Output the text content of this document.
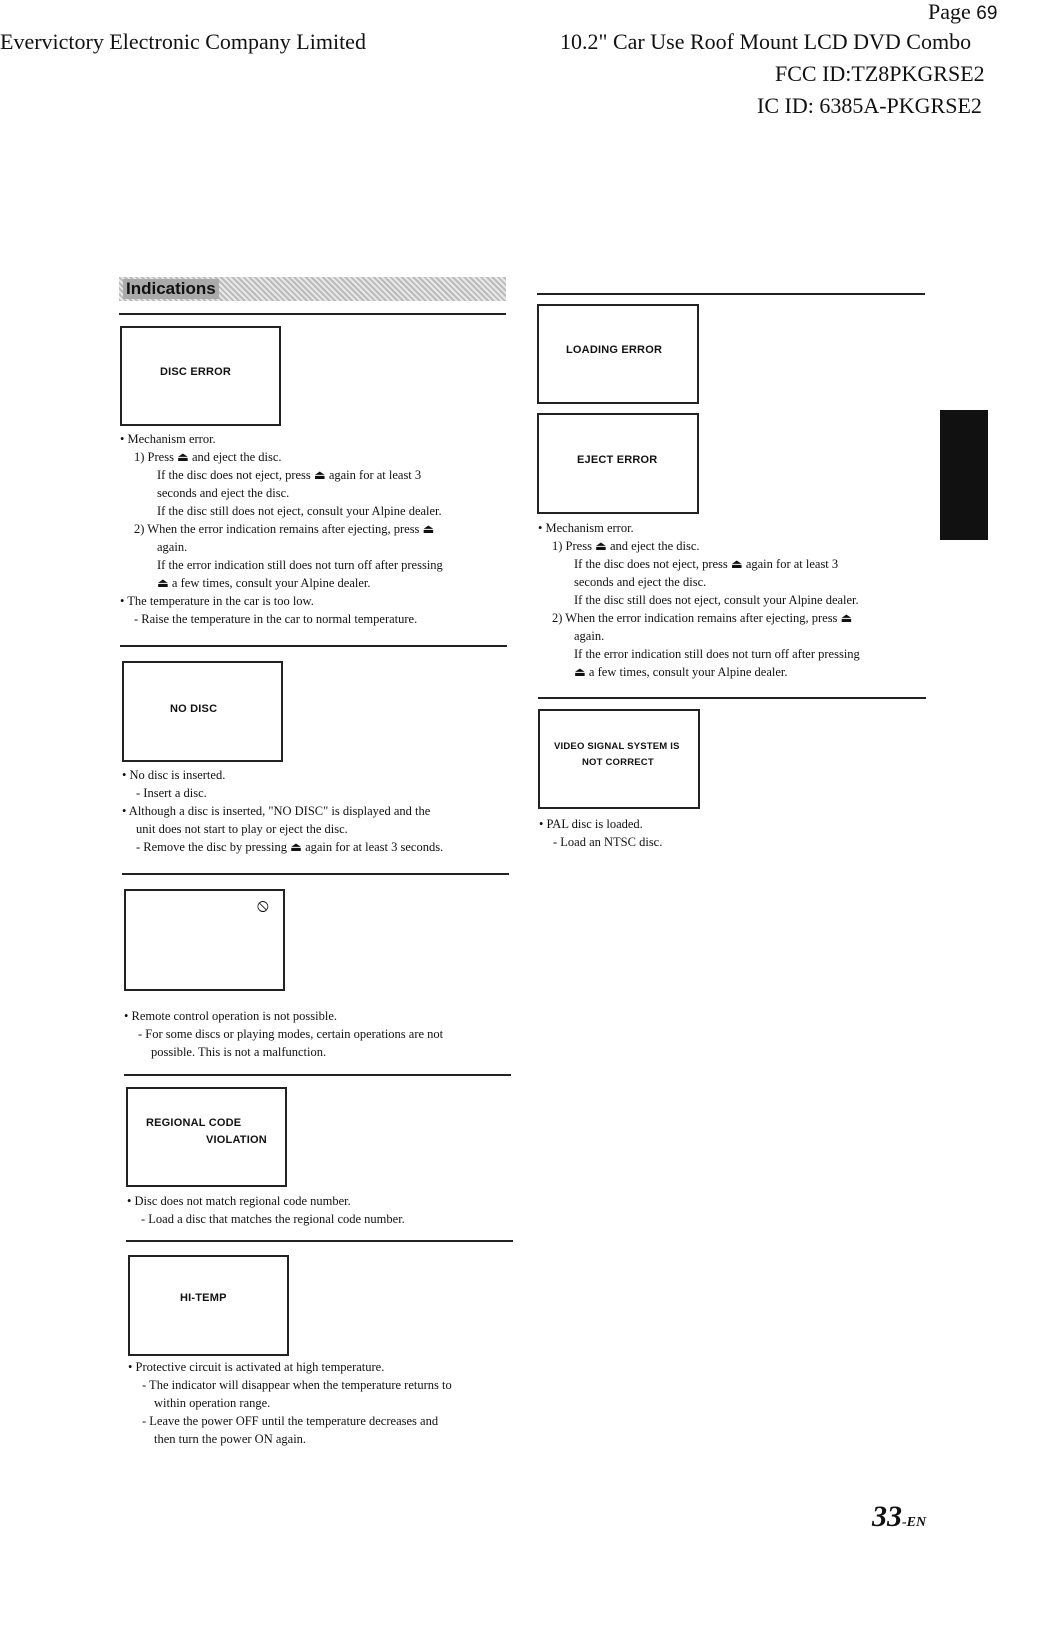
Page 69
Evervictory Electronic Company Limited	10.2" Car Use Roof Mount LCD DVD Combo
FCC ID:TZ8PKGRSE2
IC ID: 6385A-PKGRSE2
Indications
DISC ERROR
• Mechanism error.
1) Press ⏏ and eject the disc.
If the disc does not eject, press ⏏ again for at least 3
seconds and eject the disc.
If the disc still does not eject, consult your Alpine dealer.
2) When the error indication remains after ejecting, press ⏏
again.
If the error indication still does not turn off after pressing
⏏ a few times, consult your Alpine dealer.
• The temperature in the car is too low.
- Raise the temperature in the car to normal temperature.
NO DISC
• No disc is inserted.
- Insert a disc.
• Although a disc is inserted, "NO DISC" is displayed and the
unit does not start to play or eject the disc.
- Remove the disc by pressing ⏏ again for at least 3 seconds.
⦸
• Remote control operation is not possible.
- For some discs or playing modes, certain operations are not
possible. This is not a malfunction.
REGIONAL CODE
VIOLATION
• Disc does not match regional code number.
- Load a disc that matches the regional code number.
HI-TEMP
• Protective circuit is activated at high temperature.
- The indicator will disappear when the temperature returns to
within operation range.
- Leave the power OFF until the temperature decreases and
then turn the power ON again.
LOADING ERROR
EJECT ERROR
• Mechanism error.
1) Press ⏏ and eject the disc.
If the disc does not eject, press ⏏ again for at least 3
seconds and eject the disc.
If the disc still does not eject, consult your Alpine dealer.
2) When the error indication remains after ejecting, press ⏏
again.
If the error indication still does not turn off after pressing
⏏ a few times, consult your Alpine dealer.
VIDEO SIGNAL SYSTEM IS
NOT CORRECT
• PAL disc is loaded.
- Load an NTSC disc.
33-EN
